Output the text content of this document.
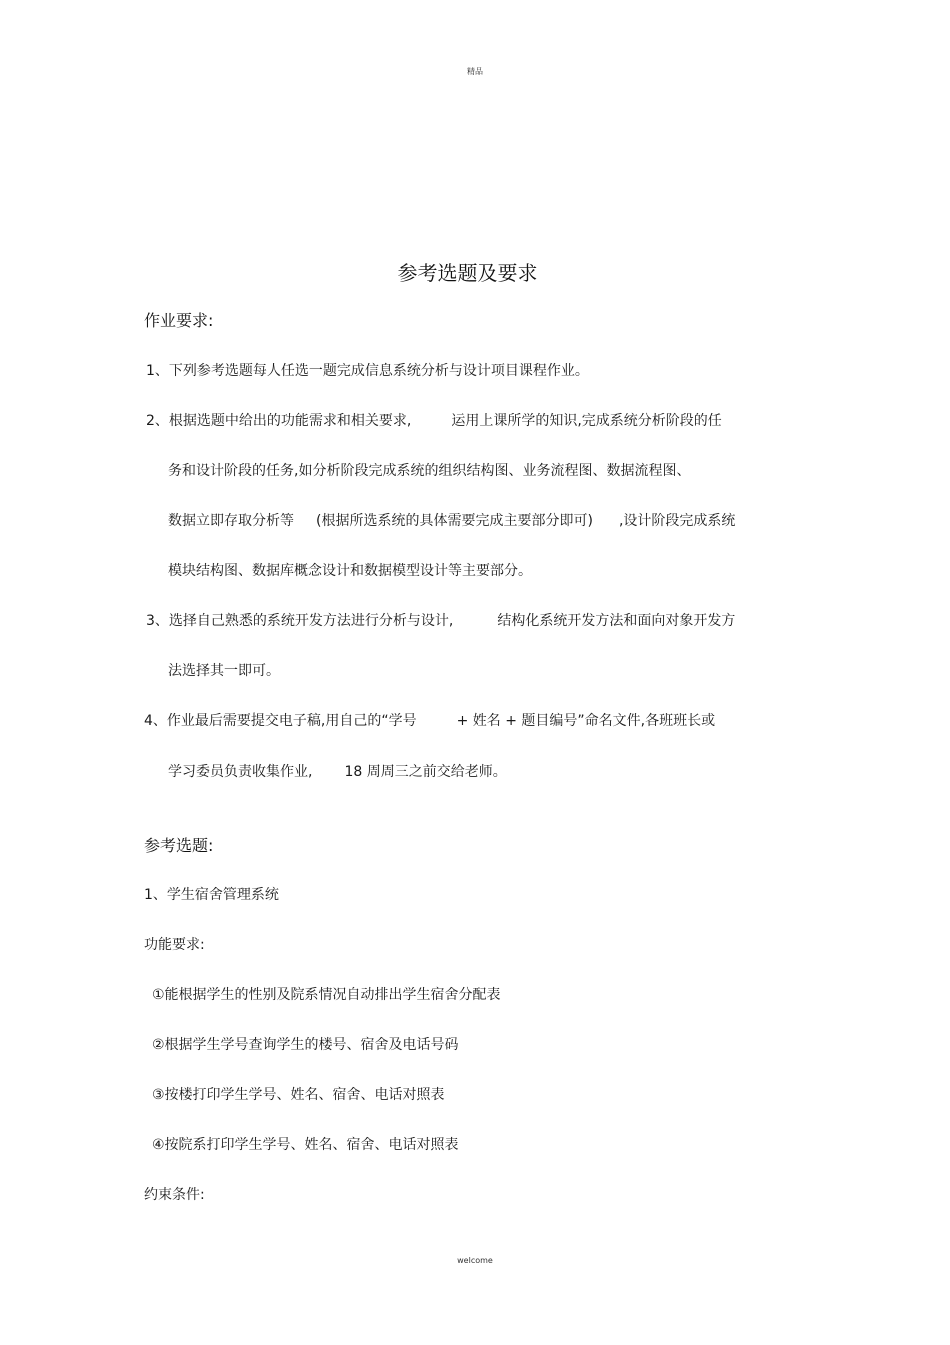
精品
参考选题及要求
作业要求:
1、下列参考选题每人任选一题完成信息系统分析与设计项目课程作业。
2、根据选题中给出的功能需求和相关要求,	运用上课所学的知识,完成系统分析阶段的任
务和设计阶段的任务,如分析阶段完成系统的组织结构图、业务流程图、数据流程图、
数据立即存取分析等 (根据所选系统的具体需要完成主要部分即可) ,设计阶段完成系统
模块结构图、数据库概念设计和数据模型设计等主要部分。
3、选择自己熟悉的系统开发方法进行分析与设计,	结构化系统开发方法和面向对象开发方
法选择其一即可。
4、作业最后需要提交电子稿,用自己的“学号	+ 姓名 + 题目编号”命名文件,各班班长或
学习委员负责收集作业, 18 周周三之前交给老师。
参考选题:
1、学生宿舍管理系统
功能要求:
①能根据学生的性别及院系情况自动排出学生宿舍分配表
②根据学生学号查询学生的楼号、宿舍及电话号码
③按楼打印学生学号、姓名、宿舍、电话对照表
④按院系打印学生学号、姓名、宿舍、电话对照表
约束条件:
welcome
